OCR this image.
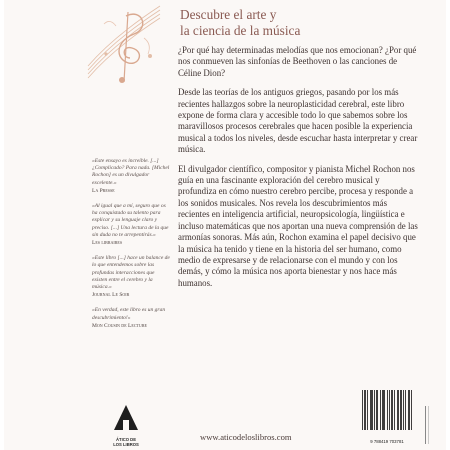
Descubre el arte y
la ciencia de la música

¿Por qué hay determinadas melodías que nos emocionan? ¿Por qué nos conmueven las sinfonías de Beethoven o las canciones de Céline Dion?

Desde las teorías de los antiguos griegos, pasando por los más recientes hallazgos sobre la neuroplasticidad cerebral, este libro expone de forma clara y accesible todo lo que sabemos sobre los maravillosos procesos cerebrales que hacen posible la experiencia musical a todos los niveles, desde escuchar hasta interpretar y crear música.

El divulgador científico, compositor y pianista Michel Rochon nos guía en una fascinante exploración del cerebro musical y profundiza en cómo nuestro cerebro percibe, procesa y responde a los sonidos musicales. Nos revela los descubrimientos más recientes en inteligencia artificial, neuropsicología, lingüística e incluso matemáticas que nos aportan una nueva comprensión de las armonías sonoras. Más aún, Rochon examina el papel decisivo que la música ha tenido y tiene en la historia del ser humano, como medio de expresarse y de relacionarse con el mundo y con los demás, y cómo la música nos aporta bienestar y nos hace más humanos.

«Este ensayo es increíble. [...] ¿Complicado? Para nada. [Michel Rochon] es un divulgador excelente.»
La Presse
«Al igual que a mí, seguro que os ha conquistado su talento para explicar y su lenguaje claro y preciso. [...] Una lectura de la que sin duda no te arrepentirás.»
Les libraires
«Este libro [...] hace un balance de lo que entendemos sobre las profundas interacciones que existen entre el cerebro y la música.»
Journal Le Soir
«En verdad, este libro es un gran descubrimiento!»
Mon Cousin de Lecture
ÁTICO DE
LOS LIBROS
www.aticodeloslibros.com	9 788419 703781
